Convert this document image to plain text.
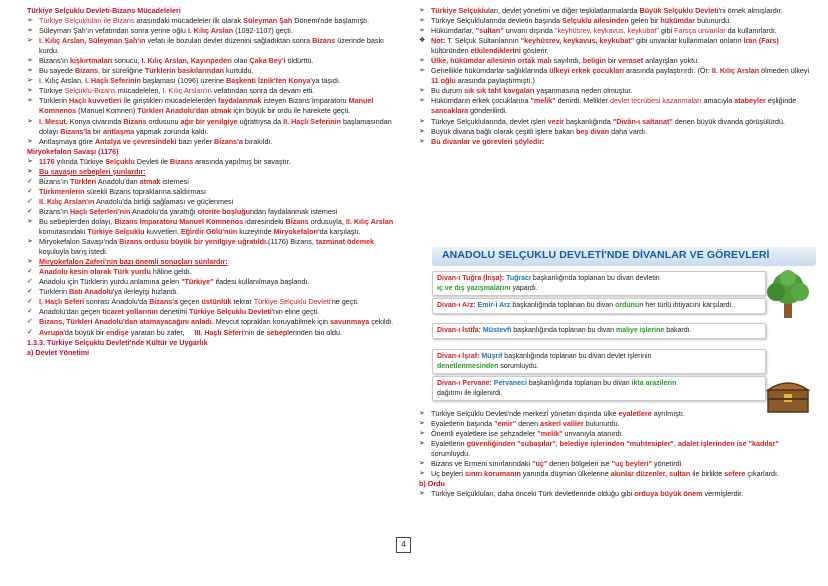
Türkiye Selçuklu Devleti-Bizans Mücadeleleri

➢ Türkiye Selçukluları ile Bizans arasındaki mücadeleler ilk olarak Süleyman Şah Dönemi'nde başlamıştı.

➢ Süleyman Şah'ın vefatından sonra yerine oğlu I. Kılıç Arslan (1092-1107) geçti.

➢ I. Kılıç Arslan, Süleyman Şah'ın vefatı ile bozulan devlet düzenini sağladıktan sonra Bizans üzerinde baskı kurdu.

➢ Bizans'ın kışkırtmaları sonucu, I. Kılıç Arslan, Kayınpederi olan Çaka Bey'i öldürttü.

➢ Bu sayede Bizans, bir süreliğine Türklerin baskılarından kurtuldu.

➢ I. Kılıç Arslan, I. Haçlı Seferinin başlaması (1096) üzerine Başkenti İznik'ten Konya'ya taşıdı.

➢ Türkiye Selçuklu-Bizans mücadeleleri, I. Kılıç Arslan'ın vefatından sonra da devam etti.

➢ Türklerin Haçlı kuvvetleri ile giriştikleri mücadelelerden faydalanmak isteyen Bizans İmparatoru Manuel Komnenos (Manuel Komnen) Türkleri Anadolu'dan atmak için büyük bir ordu ile harekete geçti.

➢ I. Mesut, Konya civarında Bizans ordusunu ağır bir yenilgiye uğrattıysa da II. Haçlı Seferinin başlamasından dolayı Bizans'la bir antlaşma yapmak zorunda kaldı.

➢ Antlaşmaya göre Antalya ve çevresindeki bazı yerler Bizans'a bırakıldı.

Miryokefalon Savaşı (1176)

➢ 1176 yılında Türkiye Selçuklu Devleti ile Bizans arasında yapılmış bir savaştır.

➢ Bu savaşın sebepleri şunlardır:

✓ Bizans'ın Türkleri Anadolu'dan atmak istemesi

✓ Türkmenlerin sürekli Bizans topraklarına saldırması

✓ II. Kılıç Arslan'ın Anadolu'da birliği sağlaması ve güçlenmesi

✓ Bizans'ın Haçlı Seferleri'nin Anadolu'da yarattığı otorite boşluğundan faydalanmak istemesi

➢ Bu sebeplerden dolayı, Bizans İmparatoru Manuel Komnenos idaresindeki Bizans ordusuyla, II. Kılıç Arslan komutasındaki Türkiye Selçuklu kuvvetleri, Eğirdir Gölü'nün kuzeyinde Miryokefalon'da karşılaştı.

➢ Miryokefalon Savaşı'nda Bizans ordusu büyük bir yenilgiye uğratıldı.(1176) Bizans, tazminat ödemek koşuluyla barış istedi.

➢ Miryokefalon Zaferi'nin bazı önemli sonuçları şunlardır:

✓ Anadolu kesin olarak Türk yurdu hâline geldi.

✓ Anadolu için Türklerin yurdu anlamına gelen "Türkiye" ifadesi kullanılmaya başlandı.

✓ Türklerin Batı Anadolu'ya ilerleyişi hızlandı.

✓ I. Haçlı Seferi sonrası Anadolu'da Bizans'a geçen üstünlük tekrar Türkiye Selçuklu Devleti'ne geçti.

✓ Anadolu'dan geçen ticaret yollarının denetimi Türkiye Selçuklu Devleti'nin eline geçti.

✓ Bizans, Türkleri Anadolu'dan atamayacağını anladı. Mevcut toprakları koruyabilmek için savunmaya çekildi.

✓ Avrupa'da büyük bir endişe yaratan bu zafer,     III. Haçlı Seferi'nin de sebeplerinden biri oldu.

1.3.3. Türkiye Selçuklu Devleti'nde Kültür ve Uygarlık

a) Devlet Yönetimi

➢ Türkiye Selçukluları, devlet yönetimi ve diğer teşkilatlanmalarda Büyük Selçuklu Devleti'ni örnek almışlardır.

➢ Türkiye Selçuklularında devletin başında Selçuklu ailesinden gelen bir hükümdar bulunurdu.

➢ Hükümdarlar, "sultan" unvanı dışında "keyhüsrev, keykavus, keykubat" gibi Farsça unvanlar da kullanırlardı.

❖ Not: T. Selçuk Sultanlarının "keyhüsrev, keykavus, keykubat" gibi unvanlar kullanmaları onların İran (Fars) kültüründen etkilendiklerini gösterir.

➢ Ülke, hükümdar ailesinin ortak malı sayılırdı, beligin bir veraset anlayışları yoktu.

➢ Genellikle hükümdarlar sağlıklarında ülkeyi erkek çocukları arasında paylaştırırdı. (Ör: II. Kılıç Arslan ölmeden ülkeyi 11 oğlu arasında paylaştırmıştı.)

➢ Bu durum sık sık taht kavgaları yaşanmasına neden olmuştur.

➢ Hükümdarın erkek çocuklarına "melik" denirdi. Melikler devlet tecrübesi kazanmaları amacıyla atabeyler eşliğinde sancaklara gönderilirdi.

➢ Türkiye Selçuklularında, devlet işleri vezir başkanlığında "Divân-ı saltanat" denen büyük divanda görüşülürdü.

➢ Büyük divana bağlı olarak çeşitli işlere bakan beş divan daha vardı.

➢ Bu divanlar ve görevleri şöyledir:

ANADOLU SELÇUKLU DEVLETİ'NDE DİVANLAR VE GÖREVLERİ
Divan-ı Tuğra (İnşa): Tuğracı başkanlığında toplanan bu divan devletin
iç ve dış yazışmalarını yapardı.
Divan-ı Arz: Emir-i Arz başkanlığında toplanan bu divan ordunun her türlü ihtiyacını karşılardı.
Divan-ı İstifa: Müstevfi başkanlığında toplanan bu divan maliye işlerine bakardı.
Divan-ı İşraf: Müşrif başkanlığında toplanan bu divan devlet işlerinin
denetlenmesinden sorumluydu.
Divan-ı Pervane: Pervaneci başkanlığında toplanan bu divan ikta arazilerin
dağıtımı ile ilgilenirdi.

➢ Türkiye Selçuklu Devleti'nde merkezî yönetim dışında ülke eyaletlere ayrılmıştı.

➢ Eyaletlerin başında "emir" denen askerî valiler bulunurdu.

➢ Önemli eyaletlere ise şehzadeler "melik" unvanıyla atanırdı.

➢ Eyaletlerin güvenliğinden "subaşılar", belediye işlerinden "muhtesipler", adalet işlerinden ise "kadılar" sorumluydu.

➢ Bizans ve Ermeni sınırlarındaki "uç" denen bölgeleri ise "uç beyleri" yönetirdi.

➢ Uç beyleri sınırı korumanın yanında düşman ülkelerine akınlar düzenler, sultan ile birlikte sefere çıkarlardı.

b) Ordu

➢ Türkiye Selçukluları, daha önceki Türk devletlerinde olduğu gibi orduya büyük önem vermişlerdir.

4
